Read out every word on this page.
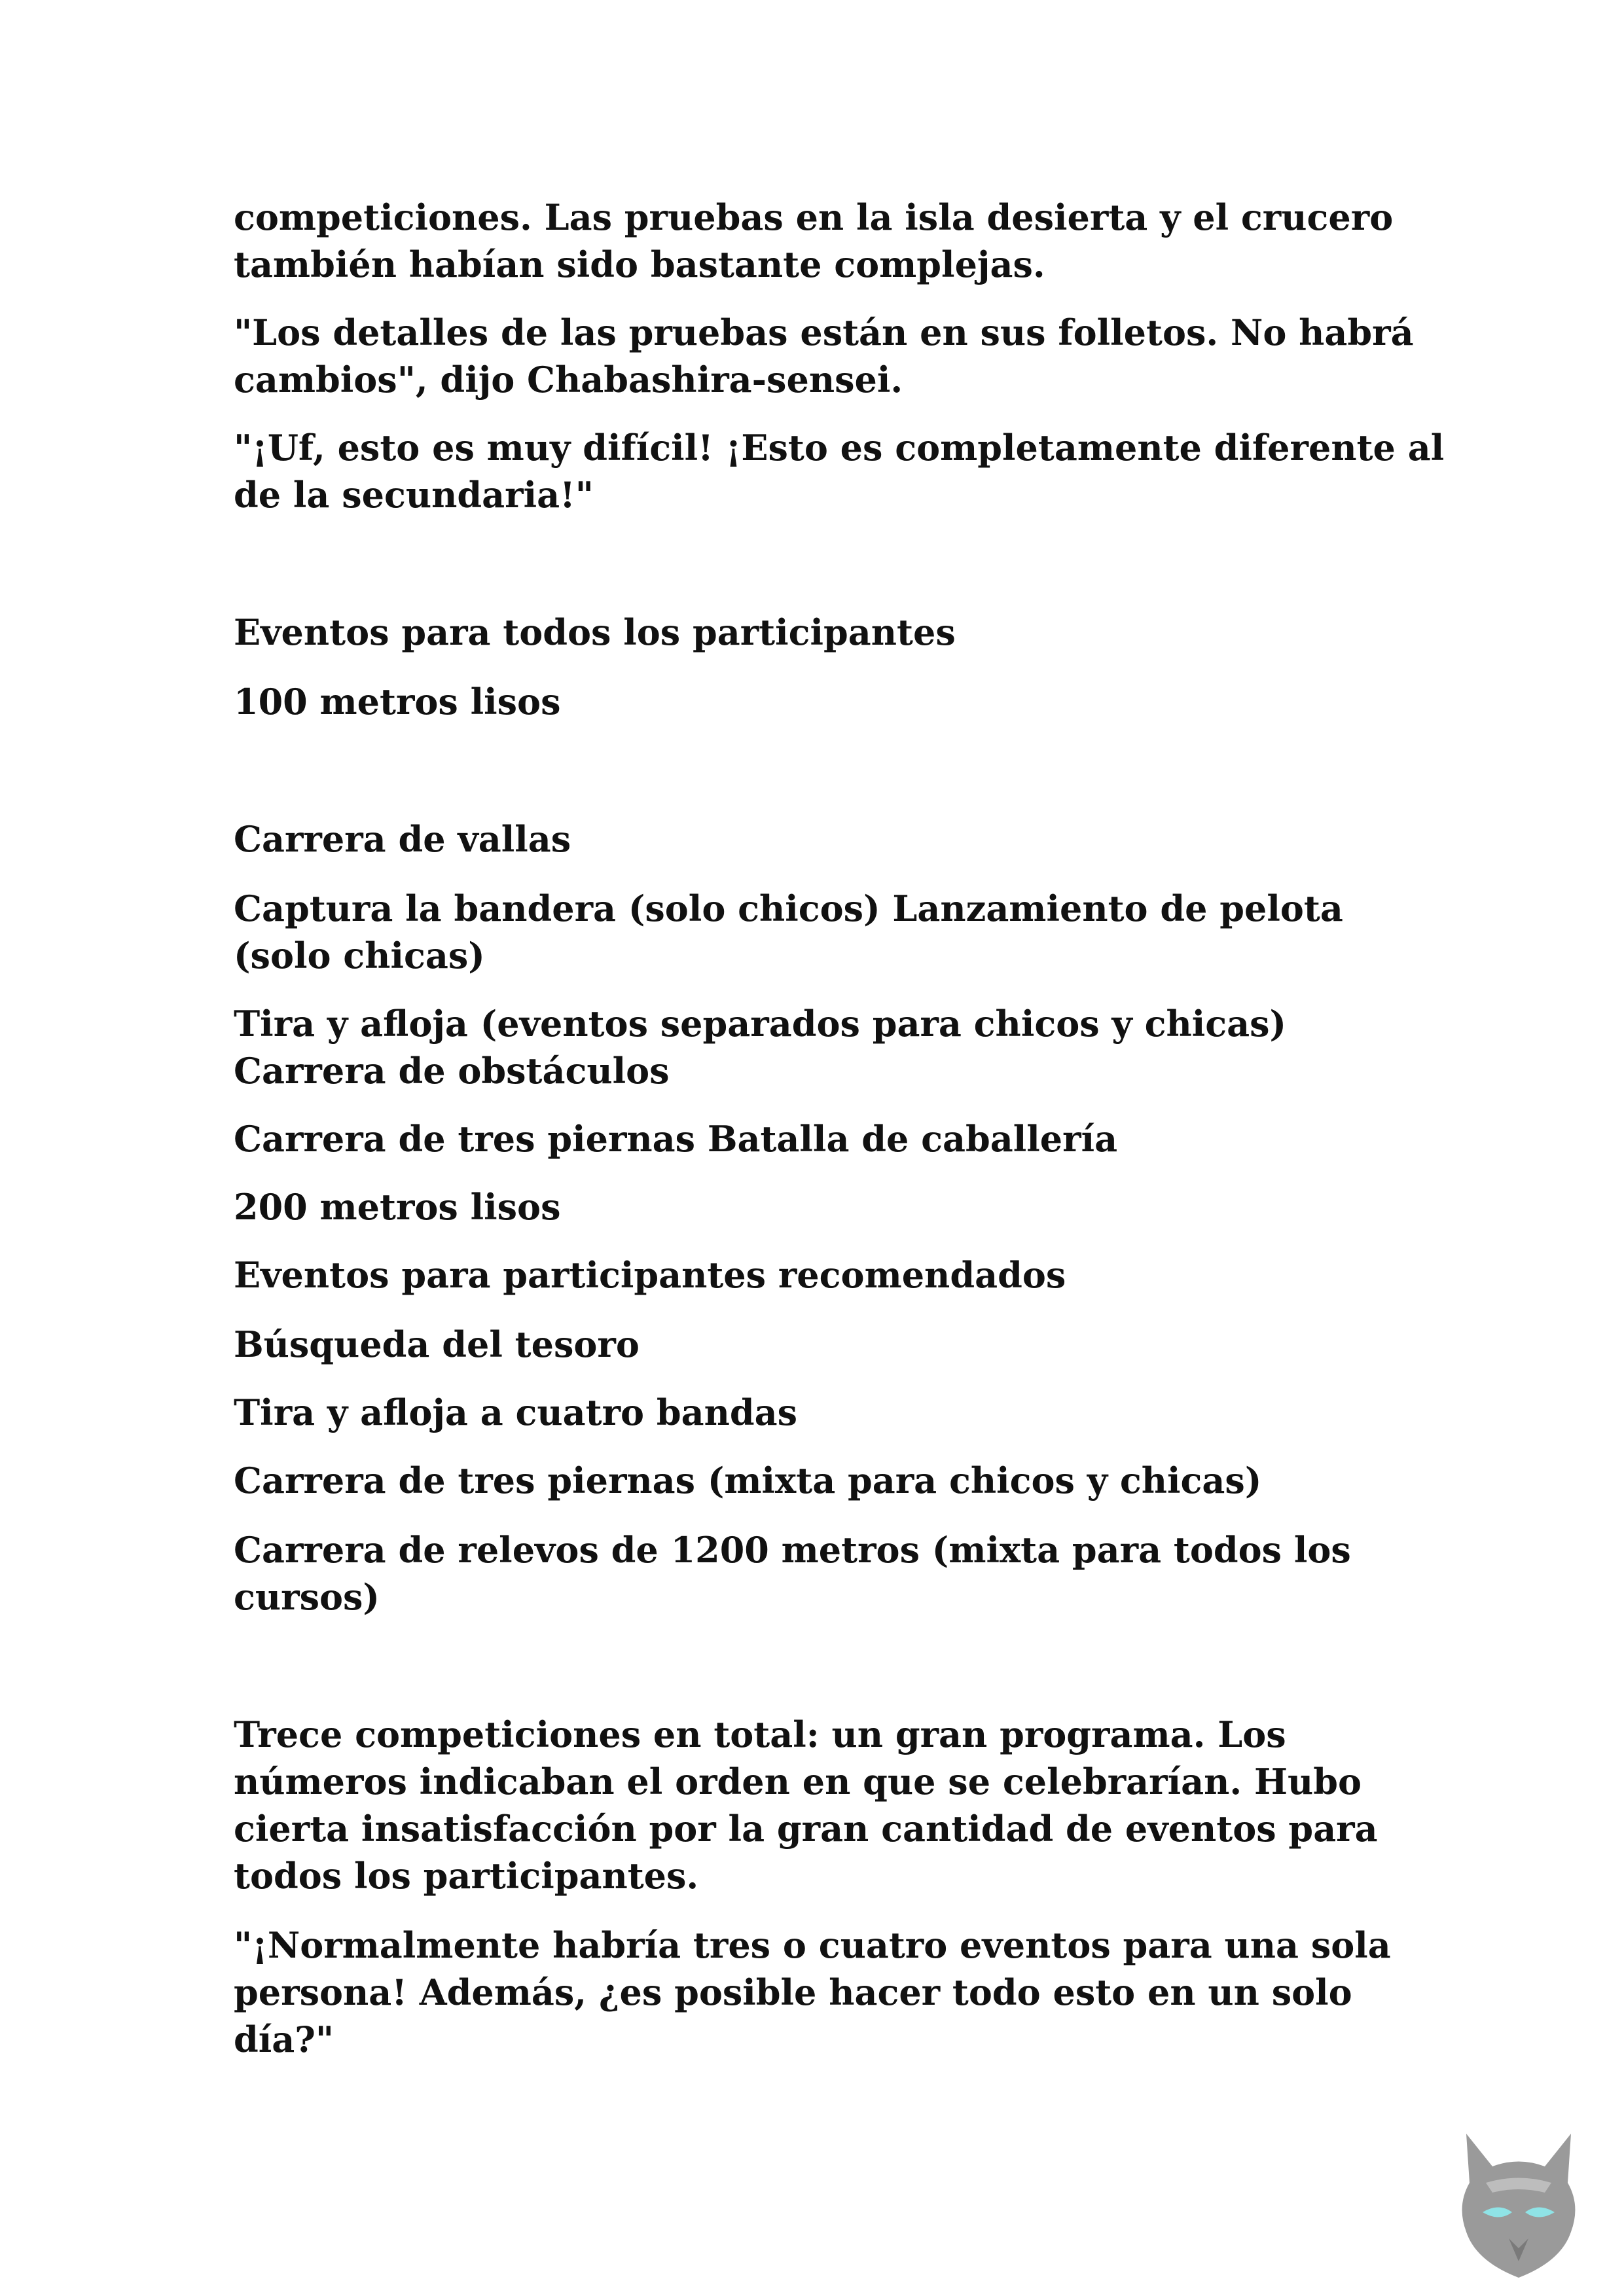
competiciones. Las pruebas en la isla desierta y el crucero
también habían sido bastante complejas.

"Los detalles de las pruebas están en sus folletos. No habrá
cambios", dijo Chabashira-sensei.

"¡Uf, esto es muy difícil! ¡Esto es completamente diferente al
de la secundaria!"

Eventos para todos los participantes

100 metros lisos

Carrera de vallas

Captura la bandera (solo chicos) Lanzamiento de pelota
(solo chicas)

Tira y afloja (eventos separados para chicos y chicas)
Carrera de obstáculos

Carrera de tres piernas Batalla de caballería

200 metros lisos

Eventos para participantes recomendados

Búsqueda del tesoro

Tira y afloja a cuatro bandas

Carrera de tres piernas (mixta para chicos y chicas)

Carrera de relevos de 1200 metros (mixta para todos los
cursos)

Trece competiciones en total: un gran programa. Los
números indicaban el orden en que se celebrarían. Hubo
cierta insatisfacción por la gran cantidad de eventos para
todos los participantes.

"¡Normalmente habría tres o cuatro eventos para una sola
persona! Además, ¿es posible hacer todo esto en un solo
día?"
